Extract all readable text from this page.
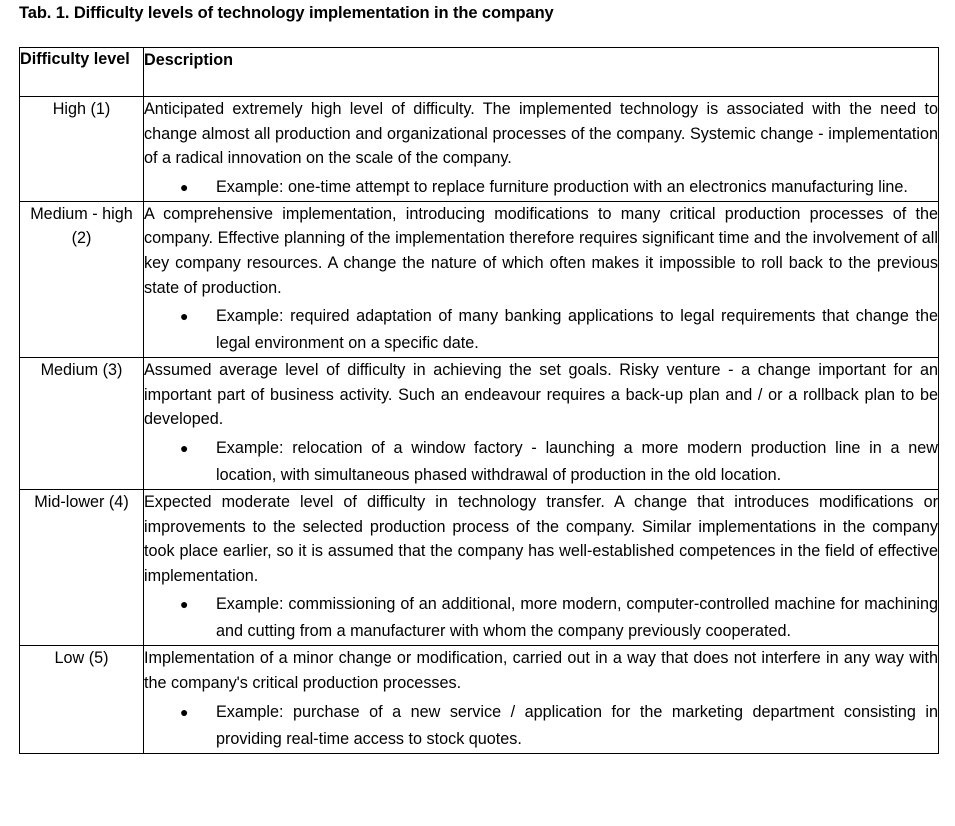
Tab. 1. Difficulty levels of technology implementation in the company
Difficulty level	Description
High (1)	Anticipated extremely high level of difficulty. The implemented technology is associated with the need to change almost all production and organizational processes of the company. Systemic change - implementation of a radical innovation on the scale of the company.
● Example: one-time attempt to replace furniture production with an electronics manufacturing line.

Medium - high (2)	A comprehensive implementation, introducing modifications to many critical production processes of the company. Effective planning of the implementation therefore requires significant time and the involvement of all key company resources. A change the nature of which often makes it impossible to roll back to the previous state of production.
● Example: required adaptation of many banking applications to legal requirements that change the legal environment on a specific date.

Medium (3)	Assumed average level of difficulty in achieving the set goals. Risky venture - a change important for an important part of business activity. Such an endeavour requires a back-up plan and / or a rollback plan to be developed.
● Example: relocation of a window factory - launching a more modern production line in a new location, with simultaneous phased withdrawal of production in the old location.

Mid-lower (4)	Expected moderate level of difficulty in technology transfer. A change that introduces modifications or improvements to the selected production process of the company. Similar implementations in the company took place earlier, so it is assumed that the company has well-established competences in the field of effective implementation.
● Example: commissioning of an additional, more modern, computer-controlled machine for machining and cutting from a manufacturer with whom the company previously cooperated.

Low (5)	Implementation of a minor change or modification, carried out in a way that does not interfere in any way with the company's critical production processes.
● Example: purchase of a new service / application for the marketing department consisting in providing real-time access to stock quotes.
